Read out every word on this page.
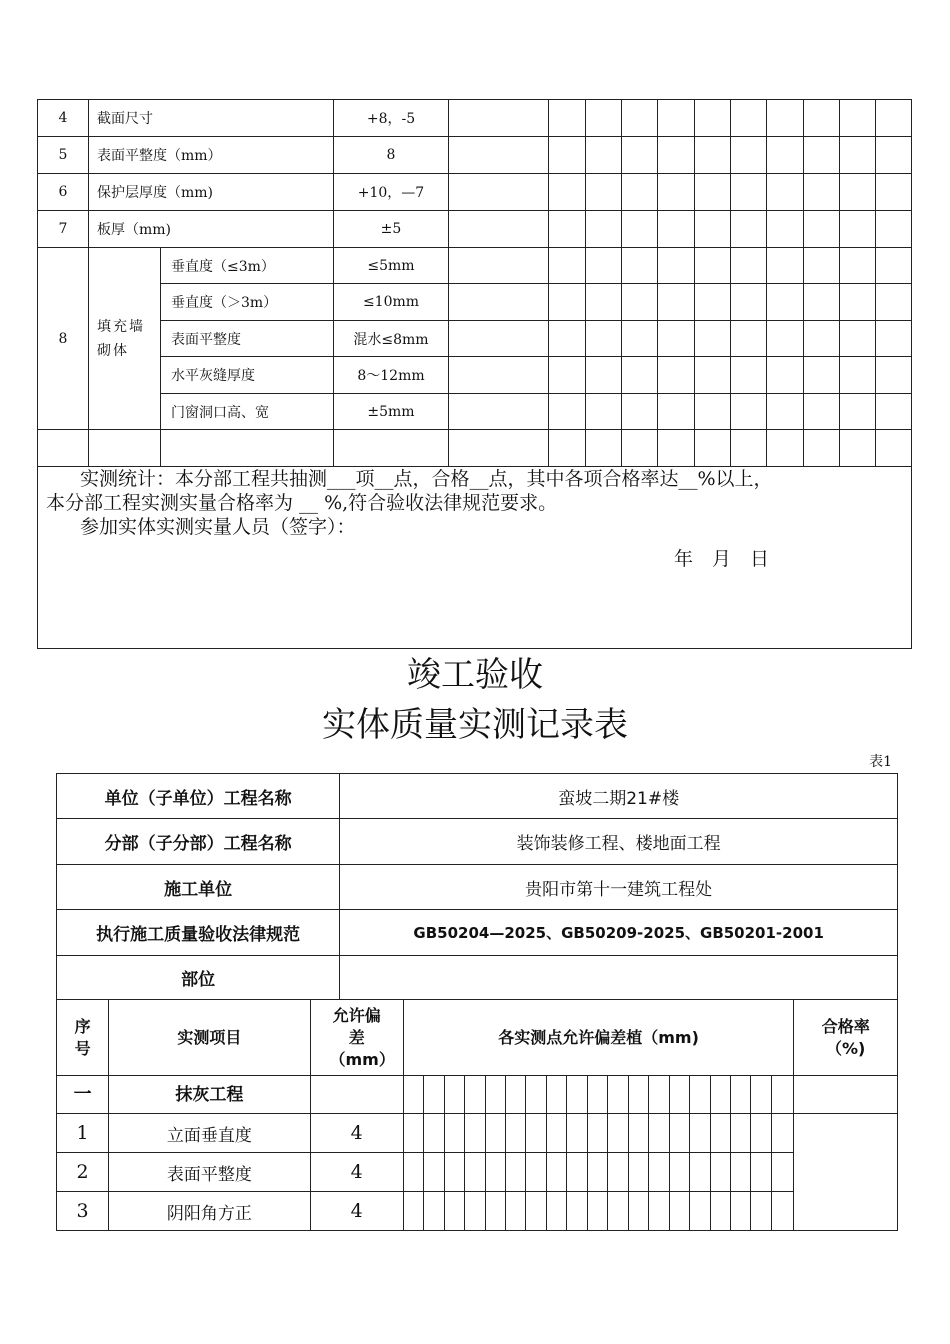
4	截面尺寸		+8，-5											
5	表面平整度（mm）		8											
6	保护层厚度（mm)		+10，—7											
7	板厚（mm)		±5											
8	填充墙砌体	垂直度（≤3m）	≤5mm											
		垂直度（＞3m）	≤10mm											
		表面平整度	混水≤8mm											
		水平灰缝厚度	8～12mm											
		门窗洞口高、宽	±5mm											

实测统计：本分部工程共抽测___项__点，合格__点，其中各项合格率达__%以上，

本分部工程实测实量合格率为 __ %,符合验收法律规范要求。

参加实体实测实量人员（签字）：

年　月　日														

竣工验收
实体质量实测记录表
表1
单位（子单位）工程名称			蛮坡二期21#楼																				
分部（子分部）工程名称			装饰装修工程、楼地面工程																				
施工单位			贵阳市第十一建筑工程处																				
执行施工质量验收法律规范			GB50204—2025、GB50209-2025、GB50201-2001																				
部位																							

序号	实测项目	允许偏差（mm）		各实测点允许偏差植（mm)																			合格率（%)

一	抹灰工程																						
1	立面垂直度	4																					
2	表面平整度	4																					
3	阴阳角方正	4																					
